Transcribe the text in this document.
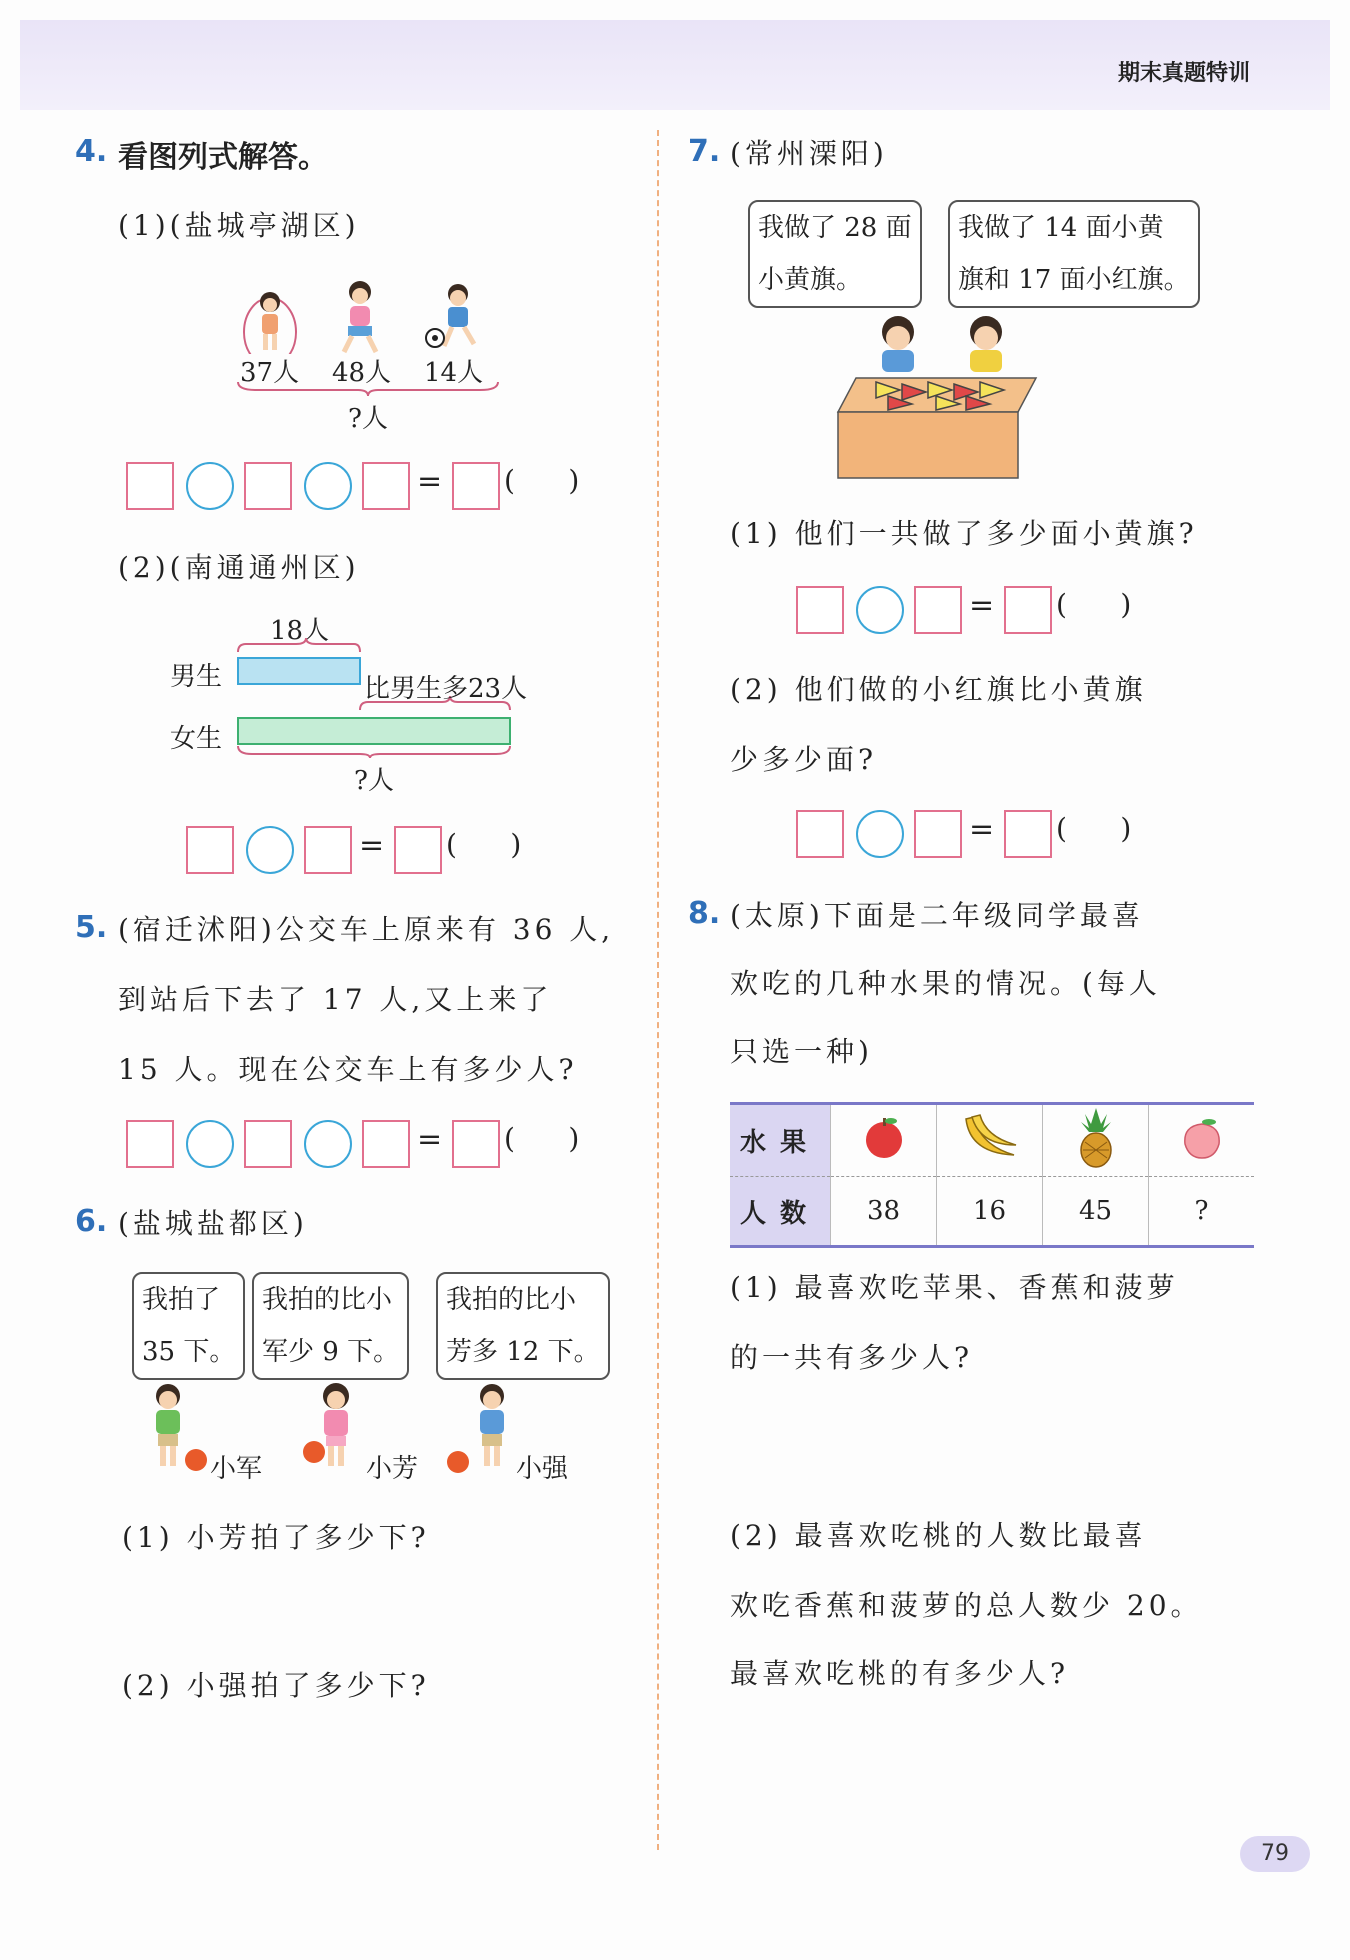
期末真题特训
4. 看图列式解答。
(1)(盐城亭湖区)
37人 48人 14人
?人
= (      )
(2)(南通通州区)
18人
男生
女生
比男生多23人
?人
= (      )
5. (宿迁沭阳)公交车上原来有 36 人,
到站后下去了 17 人,又上来了
15 人。现在公交车上有多少人?
= (      )
6. (盐城盐都区)
我拍了
35 下。
我拍的比小
军少 9 下。
我拍的比小
芳多 12 下。
小军	小芳	小强
(1) 小芳拍了多少下?
(2) 小强拍了多少下?
7. (常州溧阳)
我做了 28 面
小黄旗。
我做了 14 面小黄
旗和 17 面小红旗。
(1) 他们一共做了多少面小黄旗?
= (      )
(2) 他们做的小红旗比小黄旗
少多少面?
= (      )
8. (太原)下面是二年级同学最喜
欢吃的几种水果的情况。(每人
只选一种)
水果				
人数	38	16	45	?
(1) 最喜欢吃苹果、香蕉和菠萝
的一共有多少人?
(2) 最喜欢吃桃的人数比最喜
欢吃香蕉和菠萝的总人数少 20。
最喜欢吃桃的有多少人?
79
